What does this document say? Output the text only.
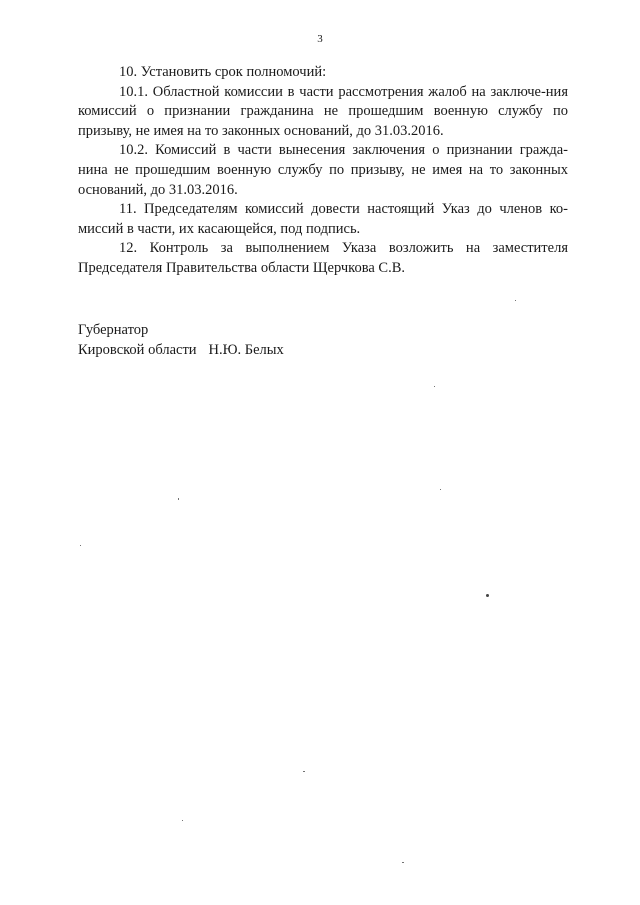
3

10. Установить срок полномочий:

10.1. Областной комиссии в части рассмотрения жалоб на заключе-ния комиссий о признании гражданина не прошедшим военную службу по призыву, не имея на то законных оснований, до 31.03.2016.

10.2. Комиссий в части вынесения заключения о признании гражда-нина не прошедшим военную службу по призыву, не имея на то законных оснований, до 31.03.2016.

11. Председателям комиссий довести настоящий Указ до членов ко-миссий в части, их касающейся, под подпись.

12. Контроль за выполнением Указа возложить на заместителя Председателя Правительства области Щерчкова С.В.

Губернатор
Кировской области Н.Ю. Белых
